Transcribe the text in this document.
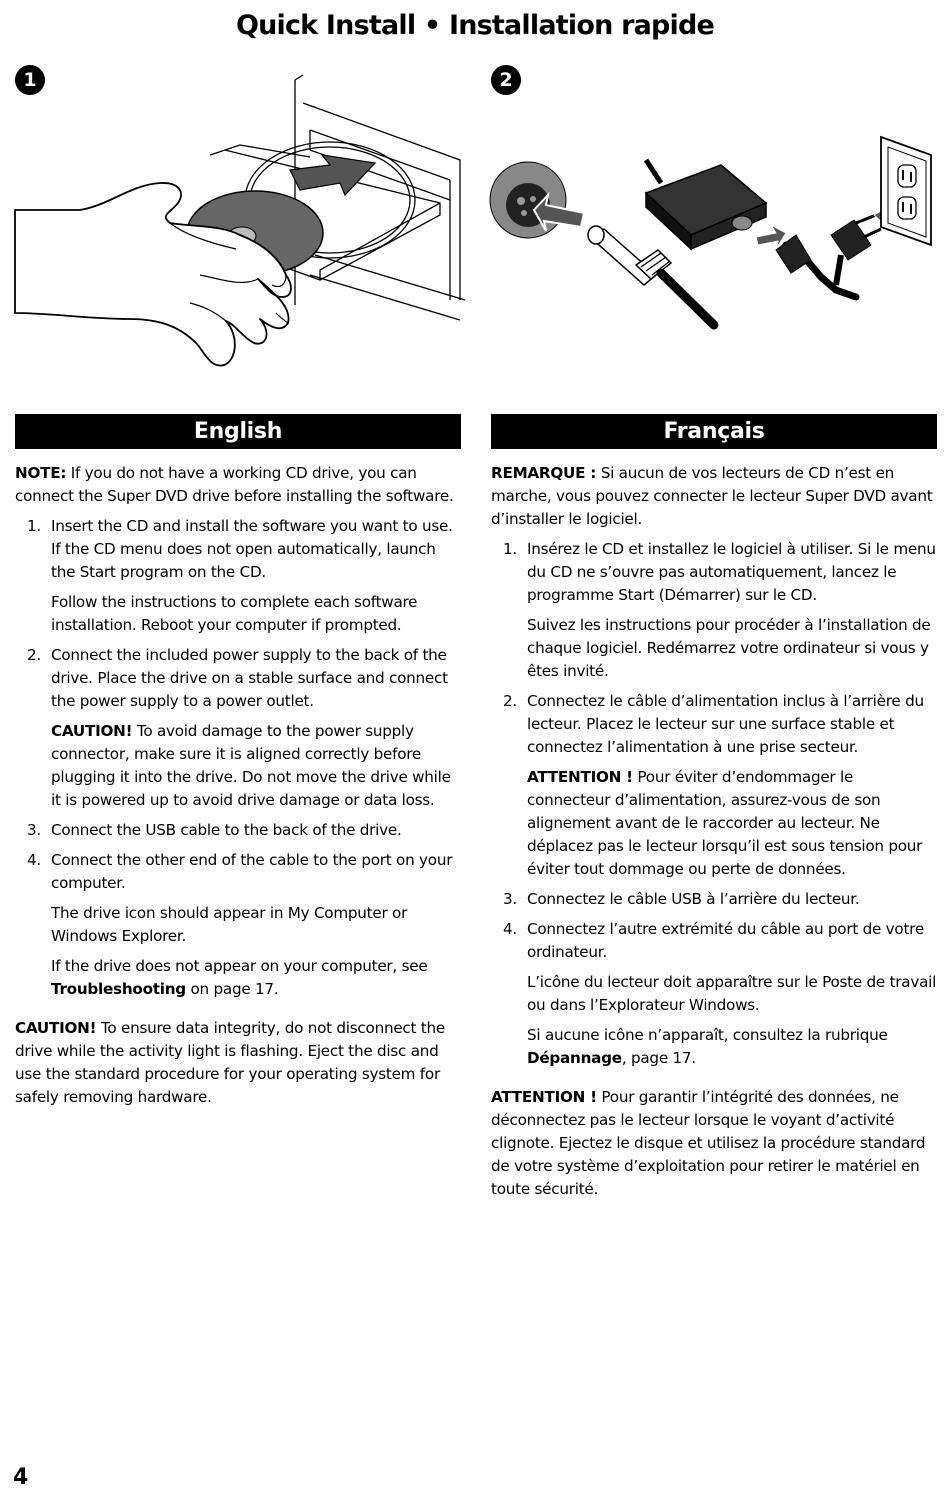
Quick Install • Installation rapide
1	2
English

NOTE: If you do not have a working CD drive, you can connect the Super DVD drive before installing the software.

1. Insert the CD and install the software you want to use. If the CD menu does not open automatically, launch the Start program on the CD.

Follow the instructions to complete each software installation. Reboot your computer if prompted.

2. Connect the included power supply to the back of the drive. Place the drive on a stable surface and connect the power supply to a power outlet.

CAUTION! To avoid damage to the power supply connector, make sure it is aligned correctly before plugging it into the drive. Do not move the drive while it is powered up to avoid drive damage or data loss.

3. Connect the USB cable to the back of the drive.

4. Connect the other end of the cable to the port on your computer.

The drive icon should appear in My Computer or Windows Explorer.

If the drive does not appear on your computer, see Troubleshooting on page 17.

CAUTION! To ensure data integrity, do not disconnect the drive while the activity light is flashing. Eject the disc and use the standard procedure for your operating system for safely removing hardware.

Français

REMARQUE : Si aucun de vos lecteurs de CD n’est en marche, vous pouvez connecter le lecteur Super DVD avant d’installer le logiciel.

1. Insérez le CD et installez le logiciel à utiliser. Si le menu du CD ne s’ouvre pas automatiquement, lancez le programme Start (Démarrer) sur le CD.

Suivez les instructions pour procéder à l’installation de chaque logiciel. Redémarrez votre ordinateur si vous y êtes invité.

2. Connectez le câble d’alimentation inclus à l’arrière du lecteur. Placez le lecteur sur une surface stable et connectez l’alimentation à une prise secteur.

ATTENTION ! Pour éviter d’endommager le connecteur d’alimentation, assurez-vous de son alignement avant de le raccorder au lecteur. Ne déplacez pas le lecteur lorsqu’il est sous tension pour éviter tout dommage ou perte de données.

3. Connectez le câble USB à l’arrière du lecteur.

4. Connectez l’autre extrémité du câble au port de votre ordinateur.

L’icône du lecteur doit apparaître sur le Poste de travail ou dans l’Explorateur Windows.

Si aucune icône n’apparaît, consultez la rubrique Dépannage, page 17.

ATTENTION ! Pour garantir l’intégrité des données, ne déconnectez pas le lecteur lorsque le voyant d’activité clignote. Ejectez le disque et utilisez la procédure standard de votre système d’exploitation pour retirer le matériel en toute sécurité.

4
